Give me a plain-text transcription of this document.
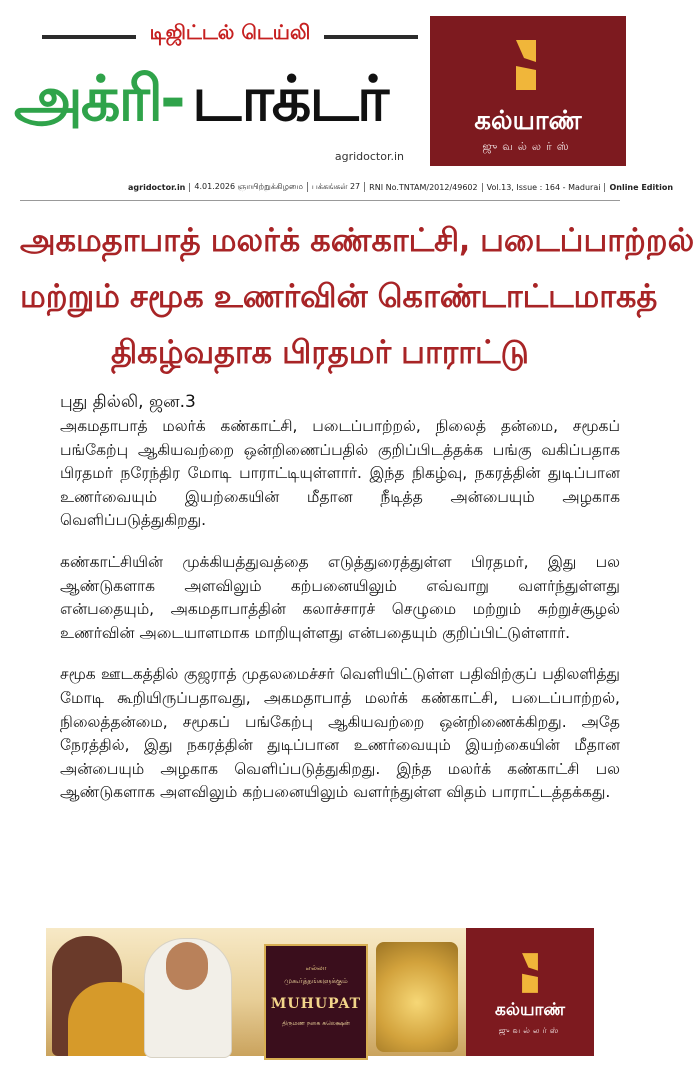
டிஜிட்டல் டெய்லி
அக்ரி
- டாக்டர்
agridoctor.in
கல்யாண்
ஜுவல்லர்ஸ்
agridoctor.in	4.01.2026 ஞாயிற்றுக்கிழமை	பக்கங்கள் 27	RNI No.TNTAM/2012/49602	Vol.13, Issue : 164 - Madurai	Online Edition
அகமதாபாத் மலர்க் கண்காட்சி, படைப்பாற்றல்
மற்றும் சமூக உணர்வின் கொண்டாட்டமாகத்
திகழ்வதாக பிரதமர் பாராட்டு
புது தில்லி, ஜன.3

அகமதாபாத் மலர்க் கண்காட்சி, படைப்பாற்றல், நிலைத் தன்மை, சமூகப் பங்கேற்பு ஆகியவற்றை ஒன்றிணைப்பதில் குறிப்பிடத்தக்க பங்கு வகிப்பதாக பிரதமர் நரேந்திர மோடி பாராட்டியுள்ளார். இந்த நிகழ்வு, நகரத்தின் துடிப்பான உணர்வையும் இயற்கையின் மீதான நீடித்த அன்பையும் அழகாக வெளிப்படுத்துகிறது.

கண்காட்சியின் முக்கியத்துவத்தை எடுத்துரைத்துள்ள பிரதமர், இது பல ஆண்டுகளாக அளவிலும் கற்பனையிலும் எவ்வாறு வளர்ந்துள்ளது என்பதையும், அகமதாபாத்தின் கலாச்சாரச் செழுமை மற்றும் சுற்றுச்சூழல் உணர்வின் அடையாளமாக மாறியுள்ளது என்பதையும் குறிப்பிட்டுள்ளார்.

சமூக ஊடகத்தில் குஜராத் முதலமைச்சர் வெளியிட்டுள்ள பதிவிற்குப் பதிலளித்து மோடி கூறியிருப்பதாவது, அகமதாபாத் மலர்க் கண்காட்சி, படைப்பாற்றல், நிலைத்தன்மை, சமூகப் பங்கேற்பு ஆகியவற்றை ஒன்றிணைக்கிறது. அதே நேரத்தில், இது நகரத்தின் துடிப்பான உணர்வையும் இயற்கையின் மீதான அன்பையும் அழகாக வெளிப்படுத்துகிறது. இந்த மலர்க் கண்காட்சி பல ஆண்டுகளாக அளவிலும் கற்பனையிலும் வளர்ந்துள்ள விதம் பாராட்டத்தக்கது.

எல்லா
முகூர்த்தங்களுக்கும்
MUHUPAT
திருமண நகை கலெக்ஷன்
கல்யாண்
ஜுவல்லர்ஸ்
